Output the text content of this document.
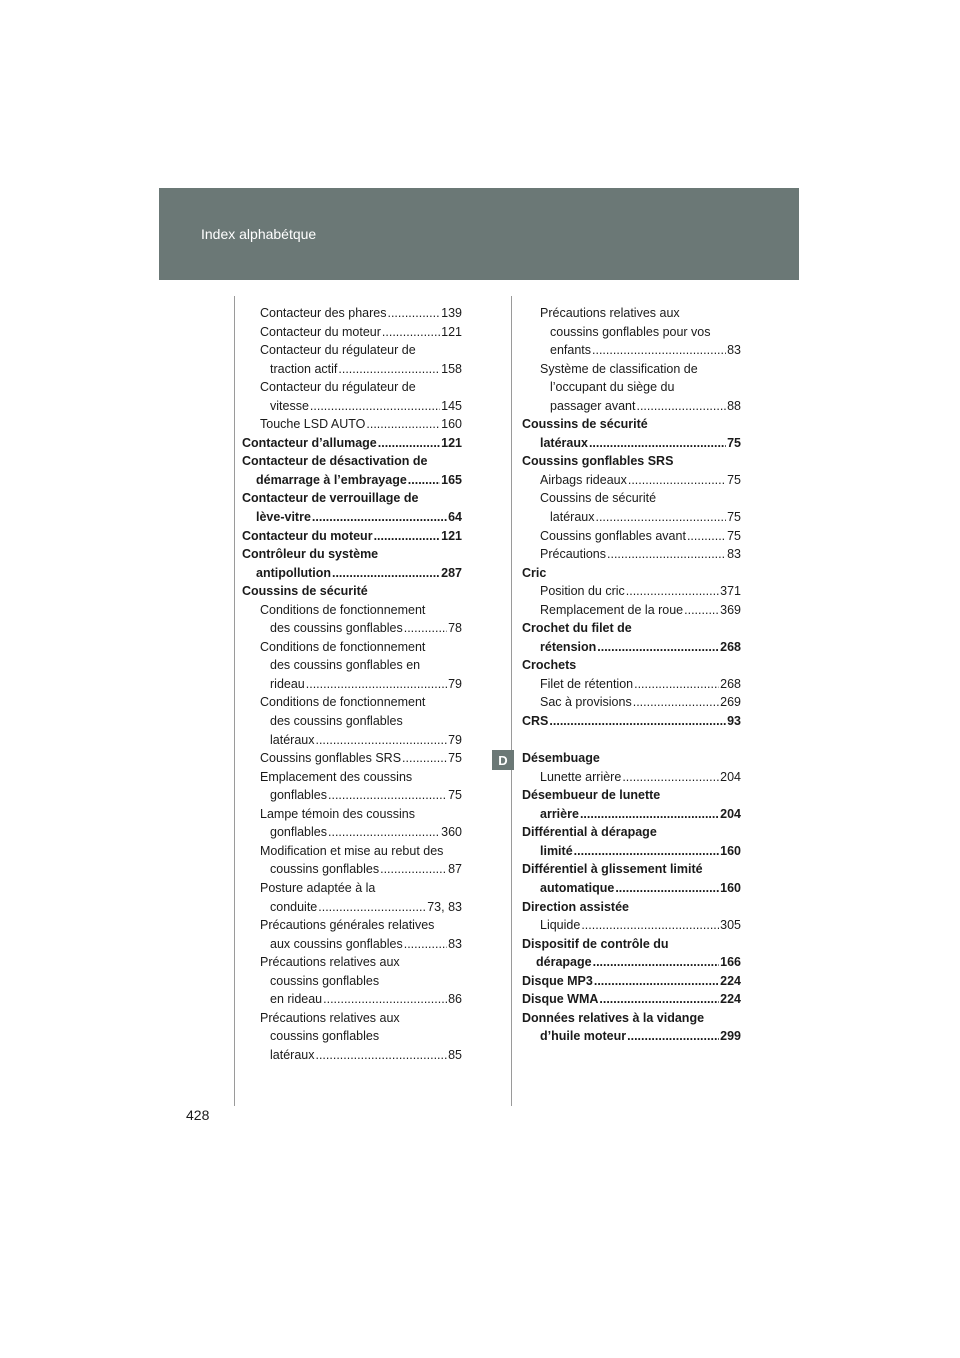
Index alphabétque
Contacteur des phares .....	139
Contacteur du moteur .....	121
Contacteur du régulateur de
traction actif .....	158
Contacteur du régulateur de
vitesse .....	145
Touche LSD AUTO .....	160
Contacteur d’allumage .....	121
Contacteur de désactivation de
démarrage à l’embrayage .....	165
Contacteur de verrouillage de
lève-vitre .....	64
Contacteur du moteur .....	121
Contrôleur du système
antipollution .....	287
Coussins de sécurité
Conditions de fonctionnement
des coussins gonflables .....	78
Conditions de fonctionnement
des coussins gonflables en
rideau .....	79
Conditions de fonctionnement
des coussins gonflables
latéraux .....	79
Coussins gonflables SRS .....	75
Emplacement des coussins
gonflables .....	75
Lampe témoin des coussins
gonflables .....	360
Modification et mise au rebut des
coussins gonflables .....	87
Posture adaptée à la
conduite .....	73, 83
Précautions générales relatives
aux coussins gonflables .....	83
Précautions relatives aux
coussins gonflables
en rideau .....	86
Précautions relatives aux
coussins gonflables
latéraux .....	85
Précautions relatives aux
coussins gonflables pour vos
enfants .....	83
Système de classification de
l’occupant du siège du
passager avant .....	88
Coussins de sécurité
latéraux .....	75
Coussins gonflables SRS
Airbags rideaux .....	75
Coussins de sécurité
latéraux .....	75
Coussins gonflables avant .....	75
Précautions .....	83
Cric
Position du cric .....	371
Remplacement de la roue .....	369
Crochet du filet de
rétension .....	268
Crochets
Filet de rétention .....	268
Sac à provisions .....	269
CRS .....	93
Désembuage
Lunette arrière .....	204
Désembueur de lunette
arrière .....	204
Différential à dérapage
limité .....	160
Différentiel à glissement limité
automatique .....	160
Direction assistée
Liquide .....	305
Dispositif de contrôle du
dérapage .....	166
Disque MP3 .....	224
Disque WMA .....	224
Données relatives à la vidange
d’huile moteur .....	299
D
428
